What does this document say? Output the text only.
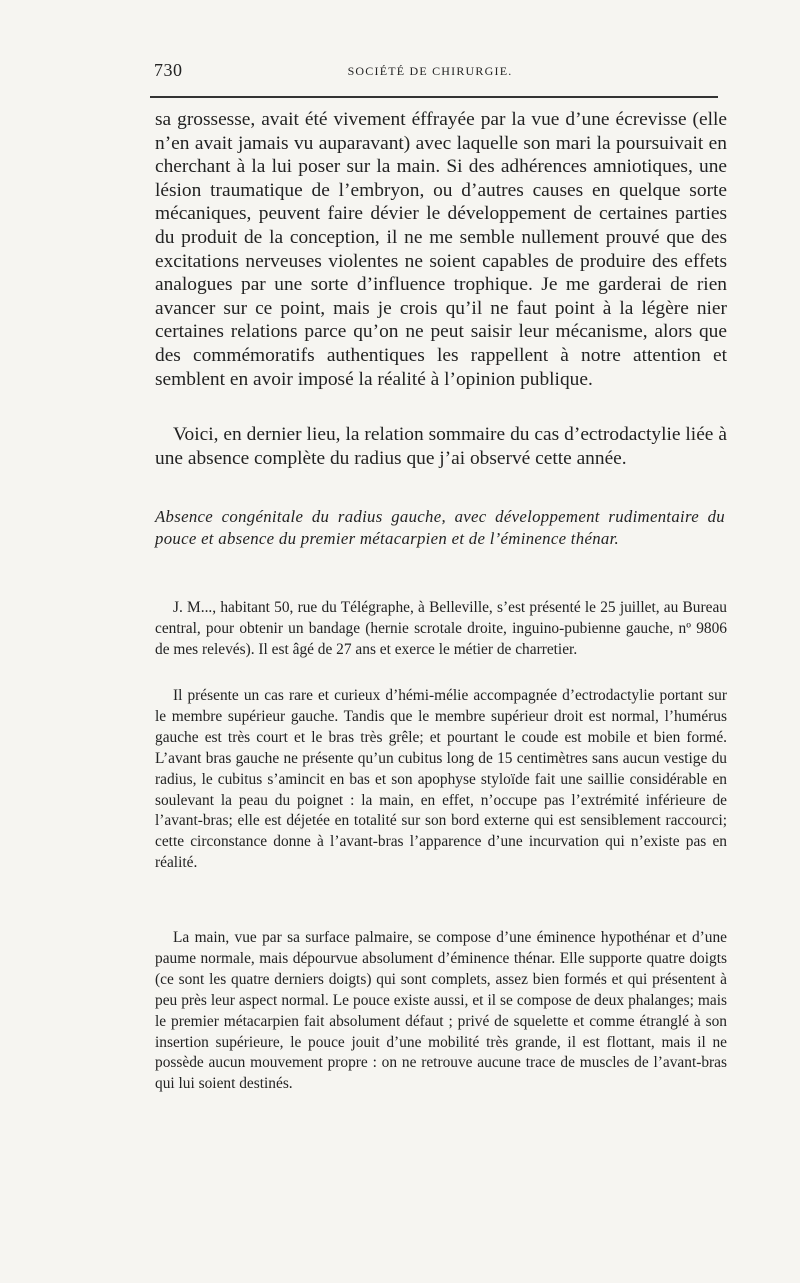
730	SOCIÉTÉ DE CHIRURGIE.

sa grossesse, avait été vivement éffrayée par la vue d’une écrevisse (elle n’en avait jamais vu auparavant) avec laquelle son mari la poursuivait en cherchant à la lui poser sur la main. Si des adhérences amniotiques, une lésion traumatique de l’embryon, ou d’autres causes en quelque sorte mécaniques, peuvent faire dévier le développement de certaines parties du produit de la conception, il ne me semble nullement prouvé que des excitations nerveuses violentes ne soient capables de produire des effets analogues par une sorte d’influence trophique. Je me garderai de rien avancer sur ce point, mais je crois qu’il ne faut point à la légère nier certaines relations parce qu’on ne peut saisir leur mécanisme, alors que des commémoratifs authentiques les rappellent à notre attention et semblent en avoir imposé la réalité à l’opinion publique.

Voici, en dernier lieu, la relation sommaire du cas d’ectrodactylie liée à une absence complète du radius que j’ai observé cette année.

Absence congénitale du radius gauche, avec développement rudimentaire du pouce et absence du premier métacarpien et de l’éminence thénar.

J. M..., habitant 50, rue du Télégraphe, à Belleville, s’est présenté le 25 juillet, au Bureau central, pour obtenir un bandage (hernie scrotale droite, inguino-pubienne gauche, nº 9806 de mes relevés). Il est âgé de 27 ans et exerce le métier de charretier.

Il présente un cas rare et curieux d’hémi-mélie accompagnée d’ectrodactylie portant sur le membre supérieur gauche. Tandis que le membre supérieur droit est normal, l’humérus gauche est très court et le bras très grêle; et pourtant le coude est mobile et bien formé. L’avant bras gauche ne présente qu’un cubitus long de 15 centimètres sans aucun vestige du radius, le cubitus s’amincit en bas et son apophyse styloïde fait une saillie considérable en soulevant la peau du poignet : la main, en effet, n’occupe pas l’extrémité inférieure de l’avant-bras; elle est déjetée en totalité sur son bord externe qui est sensiblement raccourci; cette circonstance donne à l’avant-bras l’apparence d’une incurvation qui n’existe pas en réalité.

La main, vue par sa surface palmaire, se compose d’une éminence hypothénar et d’une paume normale, mais dépourvue absolument d’éminence thénar. Elle supporte quatre doigts (ce sont les quatre derniers doigts) qui sont complets, assez bien formés et qui présentent à peu près leur aspect normal. Le pouce existe aussi, et il se compose de deux phalanges; mais le premier métacarpien fait absolument défaut ; privé de squelette et comme étranglé à son insertion supérieure, le pouce jouit d’une mobilité très grande, il est flottant, mais il ne possède aucun mouvement propre : on ne retrouve aucune trace de muscles de l’avant-bras qui lui soient destinés.
